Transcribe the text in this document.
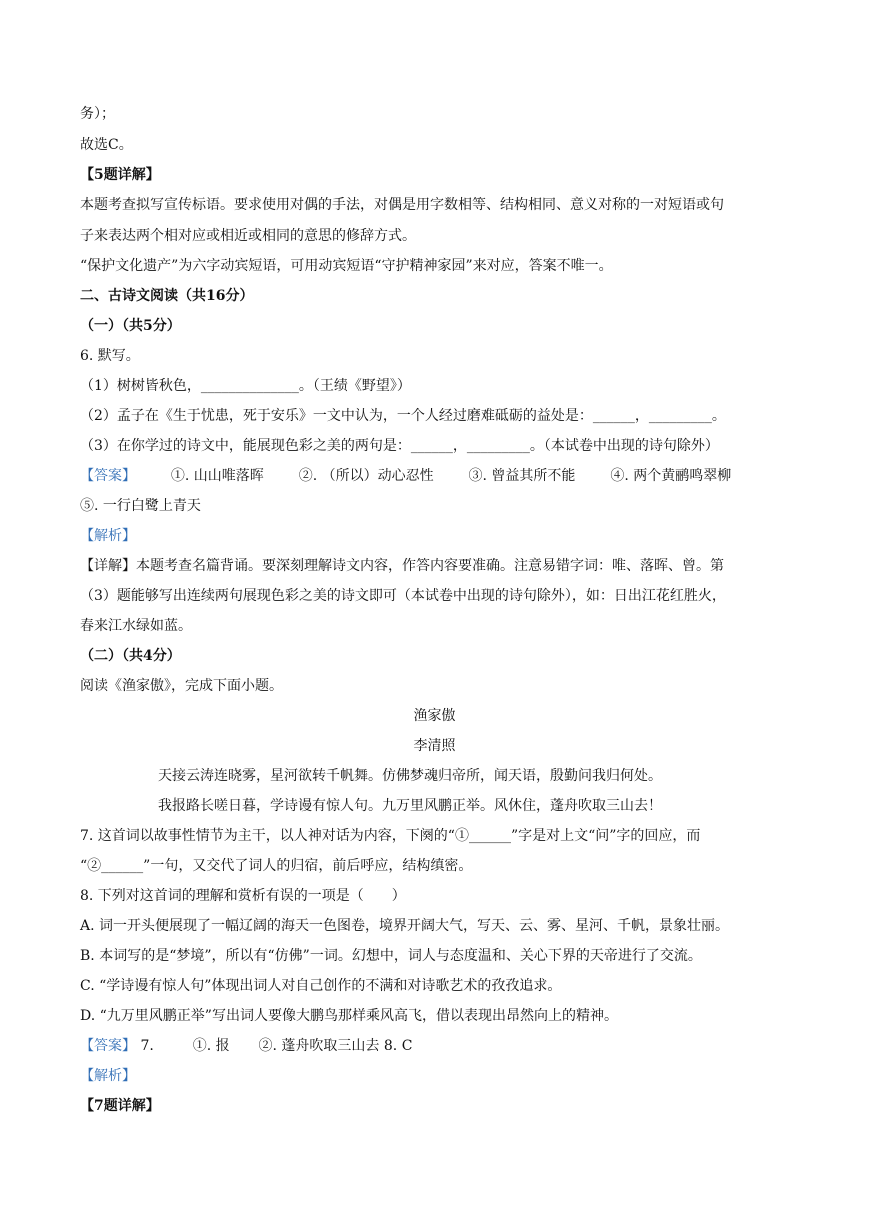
务）；
故选C。
【5题详解】
本题考查拟写宣传标语。要求使用对偶的手法，对偶是用字数相等、结构相同、意义对称的一对短语或句
子来表达两个相对应或相近或相同的意思的修辞方式。
“保护文化遗产”为六字动宾短语，可用动宾短语“守护精神家园”来对应，答案不唯一。
二、古诗文阅读（共16分）
（一）（共5分）
6. 默写。
（1）树树皆秋色，______________。（王绩《野望》）
（2）孟子在《生于忧患，死于安乐》一文中认为，一个人经过磨难砥砺的益处是：______，_________。
（3）在你学过的诗文中，能展现色彩之美的两句是：______，_________。（本试卷中出现的诗句除外）
【答案】 ①. 山山唯落晖 ②. （所以）动心忍性 ③. 曾益其所不能 ④. 两个黄鹂鸣翠柳
⑤. 一行白鹭上青天
【解析】
【详解】本题考查名篇背诵。要深刻理解诗文内容，作答内容要准确。注意易错字词：唯、落晖、曾。第
（3）题能够写出连续两句展现色彩之美的诗文即可（本试卷中出现的诗句除外），如：日出江花红胜火，
春来江水绿如蓝。
（二）（共4分）
阅读《渔家傲》，完成下面小题。
渔家傲
李清照
天接云涛连晓雾，星河欲转千帆舞。仿佛梦魂归帝所，闻天语，殷勤问我归何处。
我报路长嗟日暮，学诗谩有惊人句。九万里风鹏正举。风休住，蓬舟吹取三山去！
7. 这首词以故事性情节为主干，以人神对话为内容，下阕的“①______”字是对上文“问”字的回应，而
“②______”一句，又交代了词人的归宿，前后呼应，结构缜密。
8. 下列对这首词的理解和赏析有误的一项是（　　）
A. 词一开头便展现了一幅辽阔的海天一色图卷，境界开阔大气，写天、云、雾、星河、千帆，景象壮丽。
B. 本词写的是“梦境”，所以有“仿佛”一词。幻想中，词人与态度温和、关心下界的天帝进行了交流。
C. “学诗谩有惊人句”体现出词人对自己创作的不满和对诗歌艺术的孜孜追求。
D. “九万里风鹏正举”写出词人要像大鹏鸟那样乘风高飞，借以表现出昂然向上的精神。
【答案】 7.	①. 报 ②. 蓬舟吹取三山去 8. C
【解析】
【7题详解】
